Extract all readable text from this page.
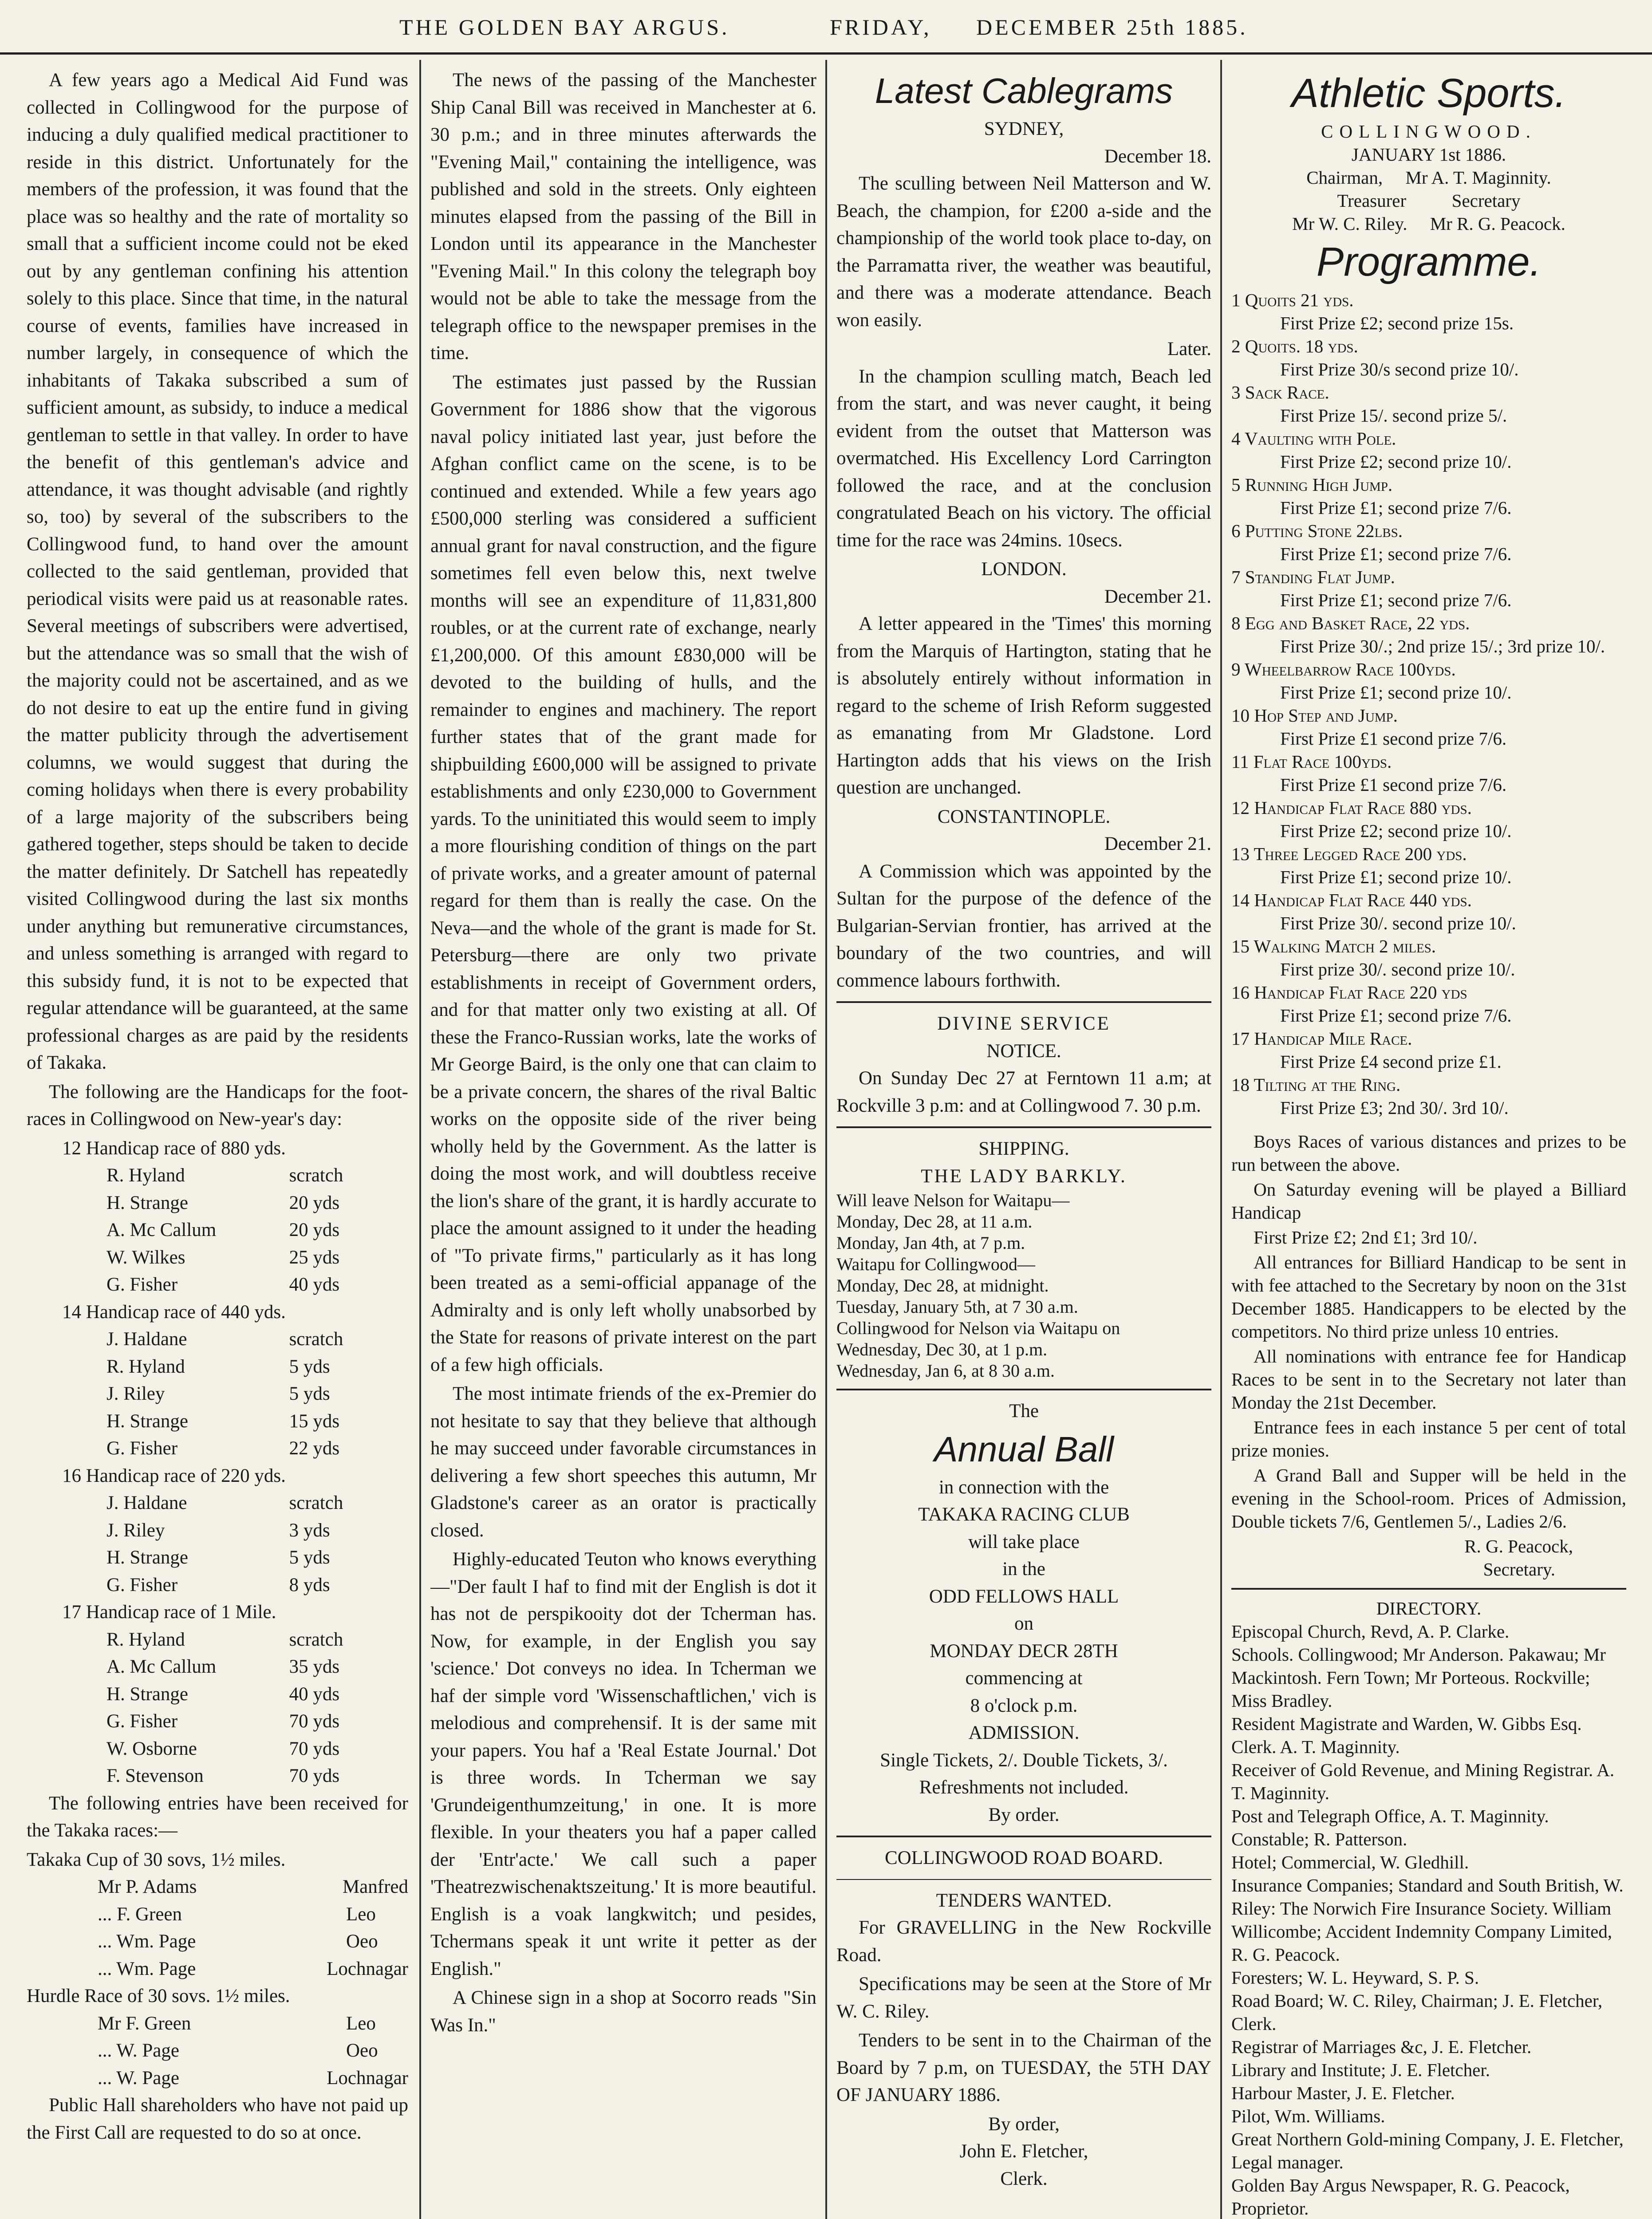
THE GOLDEN BAY ARGUS.	FRIDAY, DECEMBER 25th 1885.

A few years ago a Medical Aid Fund was collected in Collingwood for the purpose of inducing a duly qualified medical practitioner to reside in this district. Unfortunately for the members of the profession, it was found that the place was so healthy and the rate of mortality so small that a sufficient income could not be eked out by any gentleman confining his attention solely to this place. Since that time, in the natural course of events, families have increased in number largely, in consequence of which the inhabitants of Takaka subscribed a sum of sufficient amount, as subsidy, to induce a medical gentleman to settle in that valley. In order to have the benefit of this gentleman's advice and attendance, it was thought advisable (and rightly so, too) by several of the subscribers to the Collingwood fund, to hand over the amount collected to the said gentleman, provided that periodical visits were paid us at reasonable rates. Several meetings of subscribers were advertised, but the attendance was so small that the wish of the majority could not be ascertained, and as we do not desire to eat up the entire fund in giving the matter publicity through the advertisement columns, we would suggest that during the coming holidays when there is every probability of a large majority of the subscribers being gathered together, steps should be taken to decide the matter definitely. Dr Satchell has repeatedly visited Collingwood during the last six months under anything but remunerative circumstances, and unless something is arranged with regard to this subsidy fund, it is not to be expected that regular attendance will be guaranteed, at the same professional charges as are paid by the residents of Takaka.

The following are the Handicaps for the foot-races in Collingwood on New-year's day:

12 Handicap race of 880 yds.
R. Hyland	scratch
H. Strange	20 yds
A. Mc Callum	20 yds
W. Wilkes	25 yds
G. Fisher	40 yds
14 Handicap race of 440 yds.
J. Haldane	scratch
R. Hyland	5 yds
J. Riley	5 yds
H. Strange	15 yds
G. Fisher	22 yds
16 Handicap race of 220 yds.
J. Haldane	scratch
J. Riley	3 yds
H. Strange	5 yds
G. Fisher	8 yds
17 Handicap race of 1 Mile.
R. Hyland	scratch
A. Mc Callum	35 yds
H. Strange	40 yds
G. Fisher	70 yds
W. Osborne	70 yds
F. Stevenson	70 yds

The following entries have been received for the Takaka races:—

Takaka Cup of 30 sovs, 1½ miles.
Mr P. Adams	Manfred
... F. Green	Leo
... Wm. Page	Oeo
... Wm. Page	Lochnagar
Hurdle Race of 30 sovs. 1½ miles.
Mr F. Green	Leo
... W. Page	Oeo
... W. Page	Lochnagar

Public Hall shareholders who have not paid up the First Call are requested to do so at once.

The news of the passing of the Manchester Ship Canal Bill was received in Manchester at 6. 30 p.m.; and in three minutes afterwards the "Evening Mail," containing the intelligence, was published and sold in the streets. Only eighteen minutes elapsed from the passing of the Bill in London until its appearance in the Manchester "Evening Mail." In this colony the telegraph boy would not be able to take the message from the telegraph office to the newspaper premises in the time.

The estimates just passed by the Russian Government for 1886 show that the vigorous naval policy initiated last year, just before the Afghan conflict came on the scene, is to be continued and extended. While a few years ago £500,000 sterling was considered a sufficient annual grant for naval construction, and the figure sometimes fell even below this, next twelve months will see an expenditure of 11,831,800 roubles, or at the current rate of exchange, nearly £1,200,000. Of this amount £830,000 will be devoted to the building of hulls, and the remainder to engines and machinery. The report further states that of the grant made for shipbuilding £600,000 will be assigned to private establishments and only £230,000 to Government yards. To the uninitiated this would seem to imply a more flourishing condition of things on the part of private works, and a greater amount of paternal regard for them than is really the case. On the Neva—and the whole of the grant is made for St. Petersburg—there are only two private establishments in receipt of Government orders, and for that matter only two existing at all. Of these the Franco-Russian works, late the works of Mr George Baird, is the only one that can claim to be a private concern, the shares of the rival Baltic works on the opposite side of the river being wholly held by the Government. As the latter is doing the most work, and will doubtless receive the lion's share of the grant, it is hardly accurate to place the amount assigned to it under the heading of "To private firms," particularly as it has long been treated as a semi-official appanage of the Admiralty and is only left wholly unabsorbed by the State for reasons of private interest on the part of a few high officials.

The most intimate friends of the ex-Premier do not hesitate to say that they believe that although he may succeed under favorable circumstances in delivering a few short speeches this autumn, Mr Gladstone's career as an orator is practically closed.

Highly-educated Teuton who knows everything—"Der fault I haf to find mit der English is dot it has not de perspikooity dot der Tcherman has. Now, for example, in der English you say 'science.' Dot conveys no idea. In Tcherman we haf der simple vord 'Wissenschaftlichen,' vich is melodious and comprehensif. It is der same mit your papers. You haf a 'Real Estate Journal.' Dot is three words. In Tcherman we say 'Grundeigenthumzeitung,' in one. It is more flexible. In your theaters you haf a paper called der 'Entr'acte.' We call such a paper 'Theatrezwischenaktszeitung.' It is more beautiful. English is a voak langkwitch; und pesides, Tchermans speak it unt write it petter as der English."

A Chinese sign in a shop at Socorro reads "Sin Was In."

Latest Cablegrams
SYDNEY,
December 18.

The sculling between Neil Matterson and W. Beach, the champion, for £200 a-side and the championship of the world took place to-day, on the Parramatta river, the weather was beautiful, and there was a moderate attendance. Beach won easily.

Later.

In the champion sculling match, Beach led from the start, and was never caught, it being evident from the outset that Matterson was overmatched. His Excellency Lord Carrington followed the race, and at the conclusion congratulated Beach on his victory. The official time for the race was 24mins. 10secs.

LONDON.
December 21.

A letter appeared in the 'Times' this morning from the Marquis of Hartington, stating that he is absolutely entirely without information in regard to the scheme of Irish Reform suggested as emanating from Mr Gladstone. Lord Hartington adds that his views on the Irish question are unchanged.

CONSTANTINOPLE.
December 21.

A Commission which was appointed by the Sultan for the purpose of the defence of the Bulgarian-Servian frontier, has arrived at the boundary of the two countries, and will commence labours forthwith.

DIVINE SERVICE
NOTICE.

On Sunday Dec 27 at Ferntown 11 a.m; at Rockville 3 p.m: and at Collingwood 7. 30 p.m.

SHIPPING.
THE LADY BARKLY.
Will leave Nelson for Waitapu—
Monday, Dec 28, at 11 a.m.
Monday, Jan 4th, at 7 p.m.
Waitapu for Collingwood—
Monday, Dec 28, at midnight.
Tuesday, January 5th, at 7 30 a.m.
Collingwood for Nelson via Waitapu on
Wednesday, Dec 30, at 1 p.m.
Wednesday, Jan 6, at 8 30 a.m.
The
Annual Ball
in connection with the
TAKAKA RACING CLUB
will take place
in the
ODD FELLOWS HALL
on
MONDAY DECR 28TH
commencing at
8 o'clock p.m.
ADMISSION.
Single Tickets, 2/. Double Tickets, 3/.
Refreshments not included.
By order.
COLLINGWOOD ROAD BOARD.
TENDERS WANTED.

For GRAVELLING in the New Rockville Road.

Specifications may be seen at the Store of Mr W. C. Riley.

Tenders to be sent in to the Chairman of the Board by 7 p.m, on TUESDAY, the 5TH DAY OF JANUARY 1886.

By order,
John E. Fletcher,
Clerk.
Athletic Sports.
COLLINGWOOD.
JANUARY 1st 1886.
Chairman, Mr A. T. Maginnity.
Treasurer	Secretary
Mr W. C. Riley. Mr R. G. Peacock.
Programme.
1 Quoits 21 yds.
First Prize £2; second prize 15s.
2 Quoits. 18 yds.
First Prize 30/s second prize 10/.
3 Sack Race.
First Prize 15/. second prize 5/.
4 Vaulting with Pole.
First Prize £2; second prize 10/.
5 Running High Jump.
First Prize £1; second prize 7/6.
6 Putting Stone 22lbs.
First Prize £1; second prize 7/6.
7 Standing Flat Jump.
First Prize £1; second prize 7/6.
8 Egg and Basket Race, 22 yds.
First Prize 30/.; 2nd prize 15/.; 3rd prize 10/.
9 Wheelbarrow Race 100yds.
First Prize £1; second prize 10/.
10 Hop Step and Jump.
First Prize £1 second prize 7/6.
11 Flat Race 100yds.
First Prize £1 second prize 7/6.
12 Handicap Flat Race 880 yds.
First Prize £2; second prize 10/.
13 Three Legged Race 200 yds.
First Prize £1; second prize 10/.
14 Handicap Flat Race 440 yds.
First Prize 30/. second prize 10/.
15 Walking Match 2 miles.
First prize 30/. second prize 10/.
16 Handicap Flat Race 220 yds
First Prize £1; second prize 7/6.
17 Handicap Mile Race.
First Prize £4 second prize £1.
18 Tilting at the Ring.
First Prize £3; 2nd 30/. 3rd 10/.

Boys Races of various distances and prizes to be run between the above.

On Saturday evening will be played a Billiard Handicap

First Prize £2; 2nd £1; 3rd 10/.

All entrances for Billiard Handicap to be sent in with fee attached to the Secretary by noon on the 31st December 1885. Handicappers to be elected by the competitors. No third prize unless 10 entries.

All nominations with entrance fee for Handicap Races to be sent in to the Secretary not later than Monday the 21st December.

Entrance fees in each instance 5 per cent of total prize monies.

A Grand Ball and Supper will be held in the evening in the School-room. Prices of Admission, Double tickets 7/6, Gentlemen 5/., Ladies 2/6.

R. G. Peacock,
Secretary.
DIRECTORY.

Episcopal Church, Revd, A. P. Clarke.

Schools. Collingwood; Mr Anderson. Pakawau; Mr Mackintosh. Fern Town; Mr Porteous. Rockville; Miss Bradley.

Resident Magistrate and Warden, W. Gibbs Esq. Clerk. A. T. Maginnity.

Receiver of Gold Revenue, and Mining Registrar. A. T. Maginnity.

Post and Telegraph Office, A. T. Maginnity.

Constable; R. Patterson.

Hotel; Commercial, W. Gledhill.

Insurance Companies; Standard and South British, W. Riley: The Norwich Fire Insurance Society. William Willicombe; Accident Indemnity Company Limited, R. G. Peacock.

Foresters; W. L. Heyward, S. P. S.

Road Board; W. C. Riley, Chairman; J. E. Fletcher, Clerk.

Registrar of Marriages &c, J. E. Fletcher.

Library and Institute; J. E. Fletcher.

Harbour Master, J. E. Fletcher.

Pilot, Wm. Williams.

Great Northern Gold-mining Company, J. E. Fletcher, Legal manager.

Golden Bay Argus Newspaper, R. G. Peacock, Proprietor.
